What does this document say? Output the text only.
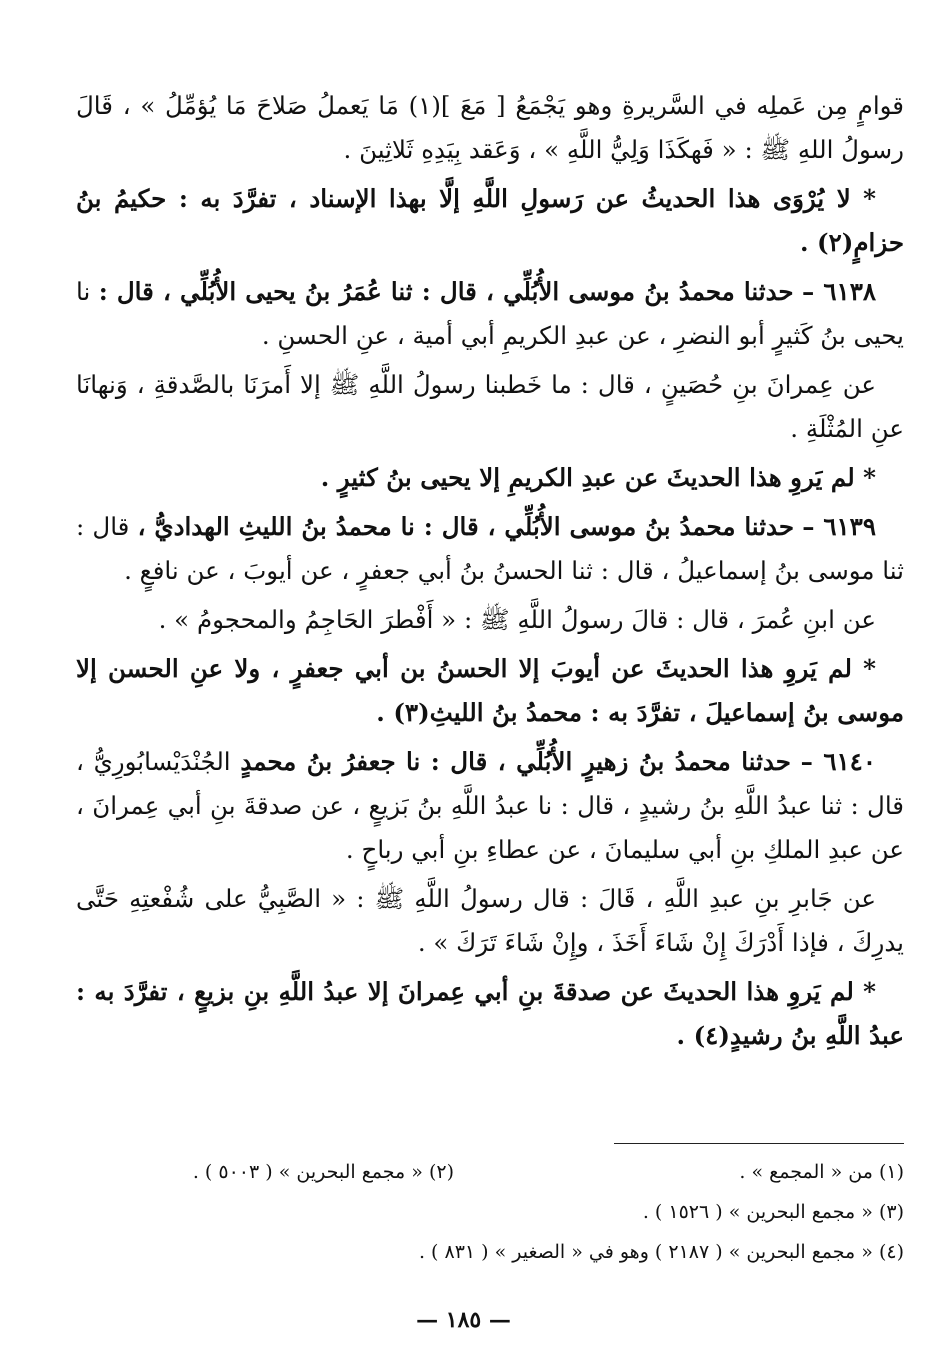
قوامٍ مِن عَملِه في السَّريرةِ وهو يَجْمَعُ [ مَعَ ](١) مَا يَعملُ صَلاحَ مَا يُؤمِّلُ » ، قَالَ رسولُ اللهِ ﷺ : « فَهكَذَا وَلِيُّ اللَّهِ » ، وَعَقد بِيَدِهِ ثَلاثِينَ .
* لا يُرْوَى هذا الحديثُ عن رَسولِ اللَّهِ إلَّا بهذا الإسناد ، تفرَّدَ به : حكيمُ بنُ حزامٍ(٢) .
٦١٣٨ – حدثنا محمدُ بنُ موسى الأُبُلِّي ، قال : ثنا عُمَرُ بنُ يحيى الأُبُلِّي ، قال : نا يحيى بنُ كَثيرٍ أبو النضرِ ، عن عبدِ الكريمِ أبي أمية ، عنِ الحسنِ .
عن عِمرانَ بنِ حُصَينٍ ، قال : ما خَطبنا رسولُ اللَّهِ ﷺ إلا أَمرَنَا بالصَّدقةِ ، وَنهانَا عنِ المُثْلَةِ .
* لم يَروِ هذا الحديثَ عن عبدِ الكريمِ إلا يحيى بنُ كثيرٍ .
٦١٣٩ – حدثنا محمدُ بنُ موسى الأُبُلِّي ، قال : نا محمدُ بنُ الليثِ الهداديُّ ، قال : ثنا موسى بنُ إسماعيلُ ، قال : ثنا الحسنُ بنُ أبي جعفرٍ ، عن أيوبَ ، عن نافعٍ .
عن ابنِ عُمرَ ، قال : قالَ رسولُ اللَّهِ ﷺ : « أَفْطرَ الحَاجِمُ والمحجومُ » .
* لم يَروِ هذا الحديثَ عن أيوبَ إلا الحسنُ بن أبي جعفرٍ ، ولا عنِ الحسن إلا موسى بنُ إسماعيلَ ، تفرَّدَ به : محمدُ بنُ الليثِ(٣) .
٦١٤٠ – حدثنا محمدُ بنُ زهيرٍ الأُبُلِّي ، قال : نا جعفرُ بنُ محمدٍ الجُنْدَيْسابُورِيُّ ، قال : ثنا عبدُ اللَّهِ بنُ رشيدٍ ، قال : نا عبدُ اللَّهِ بنُ بَزيعٍ ، عن صدقةَ بنِ أبي عِمرانَ ، عن عبدِ الملكِ بنِ أبي سليمانَ ، عن عطاءِ بنِ أبي رباحٍ .
عن جَابرِ بنِ عبدِ اللَّهِ ، قَالَ : قال رسولُ اللَّهِ ﷺ : « الصَّبِيُّ على شُفْعتِهِ حَتَّى يدرِكَ ، فإذا أَدْرَكَ إِنْ شَاءَ أَخَذَ ، وإِنْ شَاءَ تَرَكَ » .
* لم يَروِ هذا الحديثَ عن صدقةَ بنِ أبي عِمرانَ إلا عبدُ اللَّهِ بنِ بزيعٍ ، تفرَّدَ به : عبدُ اللَّهِ بنُ رشيدٍ(٤) .
(١) من « المجمع » .
(٢) « مجمع البحرين » ( ٥٠٠٣ ) .
(٣) « مجمع البحرين » ( ١٥٢٦ ) .
(٤) « مجمع البحرين » ( ٢١٨٧ ) وهو في « الصغير » ( ٨٣١ ) .
— ١٨٥ —
